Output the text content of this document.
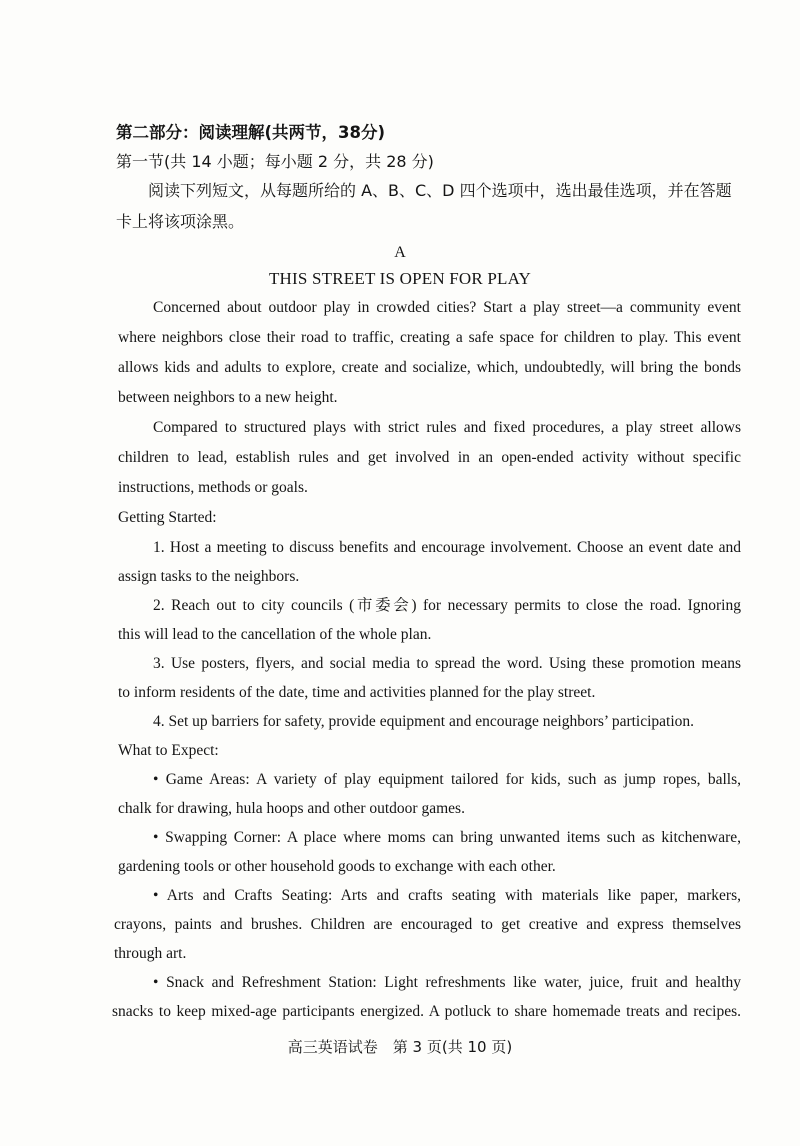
第二部分：阅读理解(共两节，38分)
第一节(共 14 小题；每小题 2 分，共 28 分)
阅读下列短文，从每题所给的 A、B、C、D 四个选项中，选出最佳选项，并在答题
卡上将该项涂黑。
A
THIS STREET IS OPEN FOR PLAY
Concerned about outdoor play in crowded cities? Start a play street—a community event
where neighbors close their road to traffic, creating a safe space for children to play. This event
allows kids and adults to explore, create and socialize, which, undoubtedly, will bring the bonds
between neighbors to a new height.
Compared to structured plays with strict rules and fixed procedures, a play street allows
children to lead, establish rules and get involved in an open-ended activity without specific
instructions, methods or goals.
Getting Started:
1. Host a meeting to discuss benefits and encourage involvement. Choose an event date and
assign tasks to the neighbors.
2. Reach out to city councils (市委会) for necessary permits to close the road. Ignoring
this will lead to the cancellation of the whole plan.
3. Use posters, flyers, and social media to spread the word. Using these promotion means
to inform residents of the date, time and activities planned for the play street.
4. Set up barriers for safety, provide equipment and encourage neighbors’ participation.
What to Expect:
• Game Areas: A variety of play equipment tailored for kids, such as jump ropes, balls,
chalk for drawing, hula hoops and other outdoor games.
• Swapping Corner: A place where moms can bring unwanted items such as kitchenware,
gardening tools or other household goods to exchange with each other.
• Arts and Crafts Seating: Arts and crafts seating with materials like paper, markers,
crayons, paints and brushes. Children are encouraged to get creative and express themselves
through art.
• Snack and Refreshment Station: Light refreshments like water, juice, fruit and healthy
snacks to keep mixed-age participants energized. A potluck to share homemade treats and recipes.
高三英语试卷　第 3 页(共 10 页)
